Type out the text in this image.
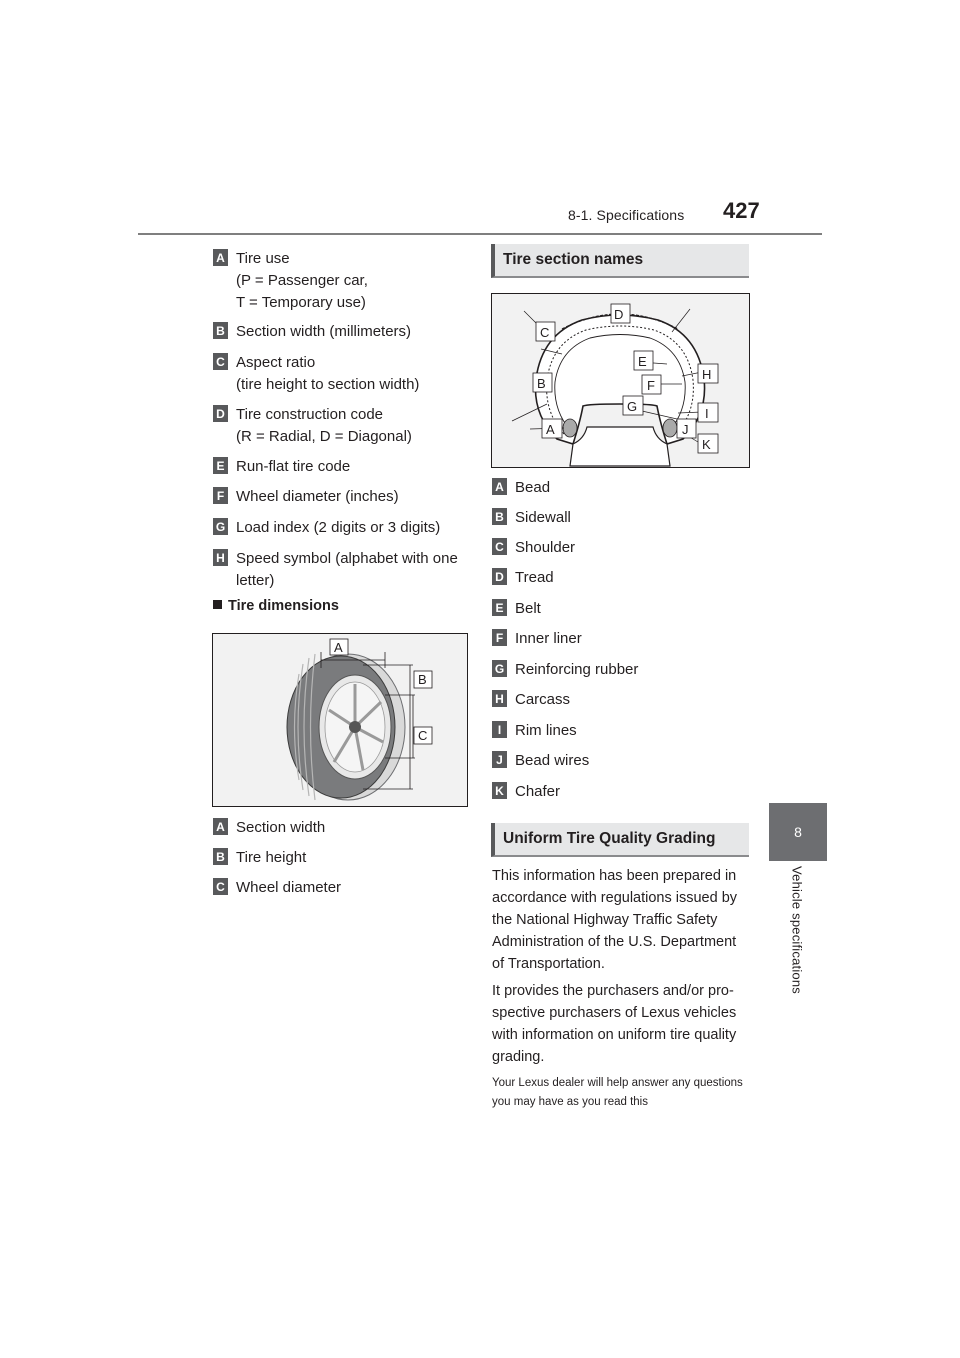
8-1. Specifications 427
8
Vehicle specifications
A Tire use
(P = Passenger car,
T = Temporary use)
B Section width (millimeters)
C Aspect ratio
(tire height to section width)
D Tire construction code
(R = Radial, D = Diagonal)
E Run-flat tire code
F Wheel diameter (inches)
G Load index (2 digits or 3 digits)
H Speed symbol (alphabet with one
letter)
Tire dimensions
A
B
C
A Section width
B Tire height
C Wheel diameter
Tire section names
C
D
E
H
B	F
G	I
A	J
K
A Bead
B Sidewall
C Shoulder
D Tread
E Belt
F Inner liner
G Reinforcing rubber
H Carcass
I Rim lines
J Bead wires
K Chafer
Uniform Tire Quality Grading
This information has been prepared in accordance with regulations issued by the National Highway Traffic Safety Administration of the U.S. Department of Transportation.
It provides the purchasers and/or pro-spective purchasers of Lexus vehicles with information on uniform tire quality grading.
Your Lexus dealer will help answer any questions you may have as you read this
